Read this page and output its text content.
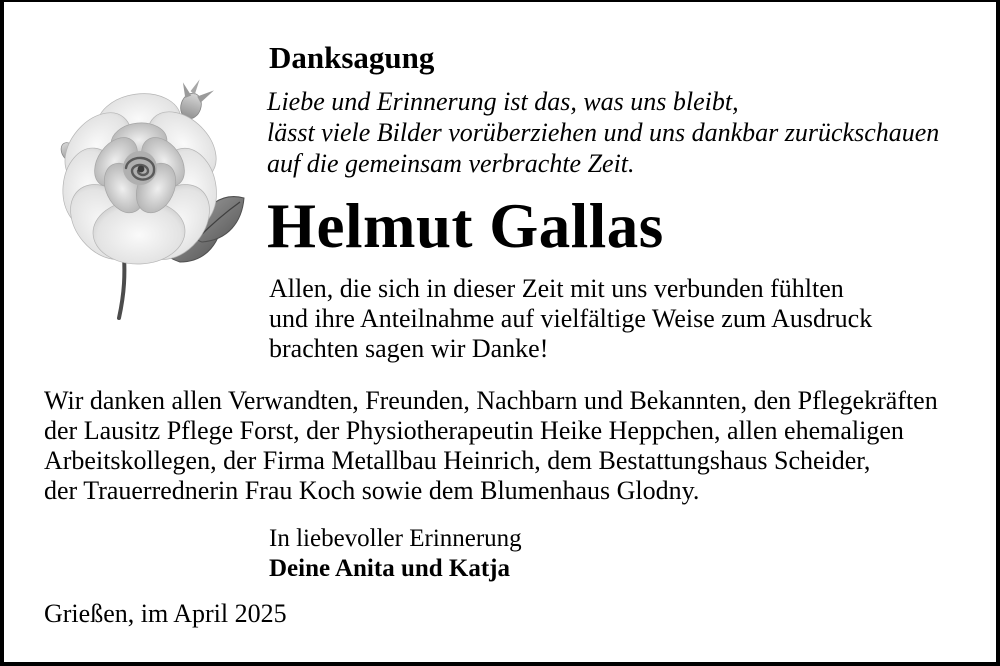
Danksagung
Liebe und Erinnerung ist das, was uns bleibt,
lässt viele Bilder vorüberziehen und uns dankbar zurückschauen
auf die gemeinsam verbrachte Zeit.
Helmut Gallas
Allen, die sich in dieser Zeit mit uns verbunden fühlten
und ihre Anteilnahme auf vielfältige Weise zum Ausdruck
brachten sagen wir Danke!
Wir danken allen Verwandten, Freunden, Nachbarn und Bekannten, den Pflegekräften
der Lausitz Pflege Forst, der Physiotherapeutin Heike Heppchen, allen ehemaligen
Arbeitskollegen, der Firma Metallbau Heinrich, dem Bestattungshaus Scheider,
der Trauerrednerin Frau Koch sowie dem Blumenhaus Glodny.
In liebevoller Erinnerung
Deine Anita und Katja
Grießen, im April 2025
